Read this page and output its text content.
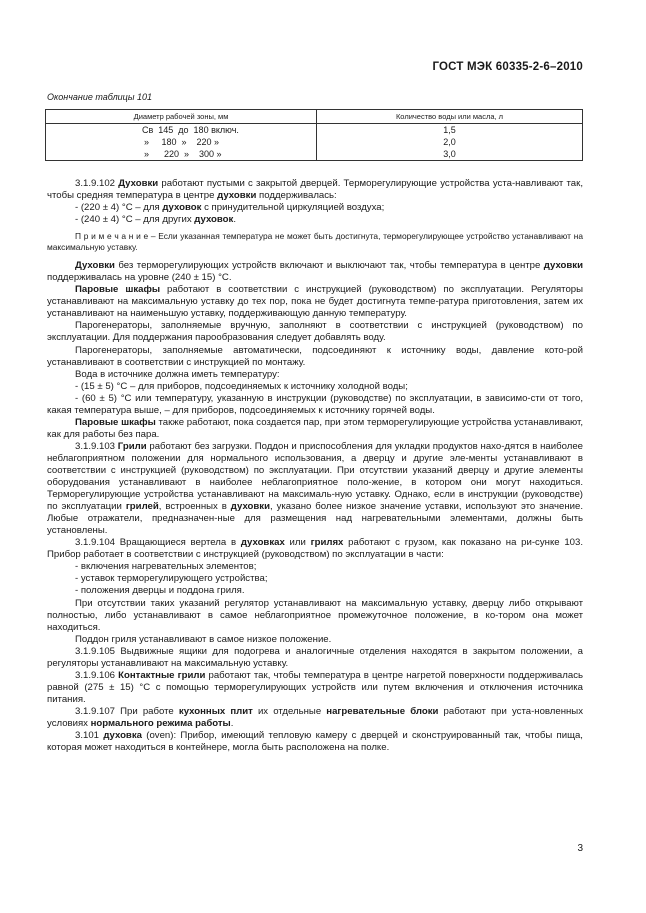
ГОСТ МЭК 60335-2-6–2010
Окончание таблицы 101
Диаметр рабочей зоны, мм	Количество воды или масла, л
Св  145  до  180 включ.	1,5
»     180  »    220 »	2,0
»      220  »    300 »	3,0

3.1.9.102 Духовки работают пустыми с закрытой дверцей. Терморегулирующие устройства уста-навливают так, чтобы средняя температура в центре духовки поддерживалась:

- (220 ± 4) °С – для духовок с принудительной циркуляцией воздуха;

- (240 ± 4) °С – для других духовок.

П р и м е ч а н и е – Если указанная температура не может быть достигнута, терморегулирующее устройство устанавливают на максимальную уставку.

Духовки без терморегулирующих устройств включают и выключают так, чтобы температура в центре духовки поддерживалась на уровне (240 ± 15) °С.

Паровые шкафы работают в соответствии с инструкцией (руководством) по эксплуатации. Регуляторы устанавливают на максимальную уставку до тех пор, пока не будет достигнута темпе-ратура приготовления, затем их устанавливают на наименьшую уставку, поддерживающую данную температуру.

Парогенераторы, заполняемые вручную, заполняют в соответствии с инструкцией (руководством) по эксплуатации. Для поддержания парообразования следует добавлять воду.

Парогенераторы, заполняемые автоматически, подсоединяют к источнику воды, давление кото-рой устанавливают в соответствии с инструкцией по монтажу.

Вода в источнике должна иметь температуру:

- (15 ± 5) °С – для приборов, подсоединяемых к источнику холодной воды;

- (60 ± 5) °С или температуру, указанную в инструкции (руководстве) по эксплуатации, в зависимо-сти от того, какая температура выше, – для приборов, подсоединяемых к источнику горячей воды.

Паровые шкафы также работают, пока создается пар, при этом терморегулирующие устройства устанавливают, как для работы без пара.

3.1.9.103 Грили работают без загрузки. Поддон и приспособления для укладки продуктов нахо-дятся в наиболее неблагоприятном положении для нормального использования, а дверцу и другие эле-менты устанавливают в соответствии с инструкцией (руководством) по эксплуатации. При отсутствии указаний дверцу и другие элементы оборудования устанавливают в наиболее неблагоприятное поло-жение, в котором они могут находиться. Терморегулирующие устройства устанавливают на максималь-ную уставку. Однако, если в инструкции (руководстве) по эксплуатации грилей, встроенных в духовки, указано более низкое значение уставки, используют это значение. Любые отражатели, предназначен-ные для размещения над нагревательными элементами, должны быть установлены.

3.1.9.104 Вращающиеся вертела в духовках или грилях работают с грузом, как показано на ри-сунке 103. Прибор работает в соответствии с инструкцией (руководством) по эксплуатации в части:

- включения нагревательных элементов;

- уставок терморегулирующего устройства;

- положения дверцы и поддона гриля.

При отсутствии таких указаний регулятор устанавливают на максимальную уставку, дверцу либо открывают полностью, либо устанавливают в самое неблагоприятное промежуточное положение, в ко-тором она может находиться.

Поддон гриля устанавливают в самое низкое положение.

3.1.9.105 Выдвижные ящики для подогрева и аналогичные отделения находятся в закрытом положении, а регуляторы устанавливают на максимальную уставку.

3.1.9.106 Контактные грили работают так, чтобы температура в центре нагретой поверхности поддерживалась равной (275 ± 15) °С с помощью терморегулирующих устройств или путем включения и отключения источника питания.

3.1.9.107 При работе кухонных плит их отдельные нагревательные блоки работают при уста-новленных условиях нормального режима работы.

3.101 духовка (oven): Прибор, имеющий тепловую камеру с дверцей и сконструированный так, чтобы пища, которая может находиться в контейнере, могла быть расположена на полке.

3
